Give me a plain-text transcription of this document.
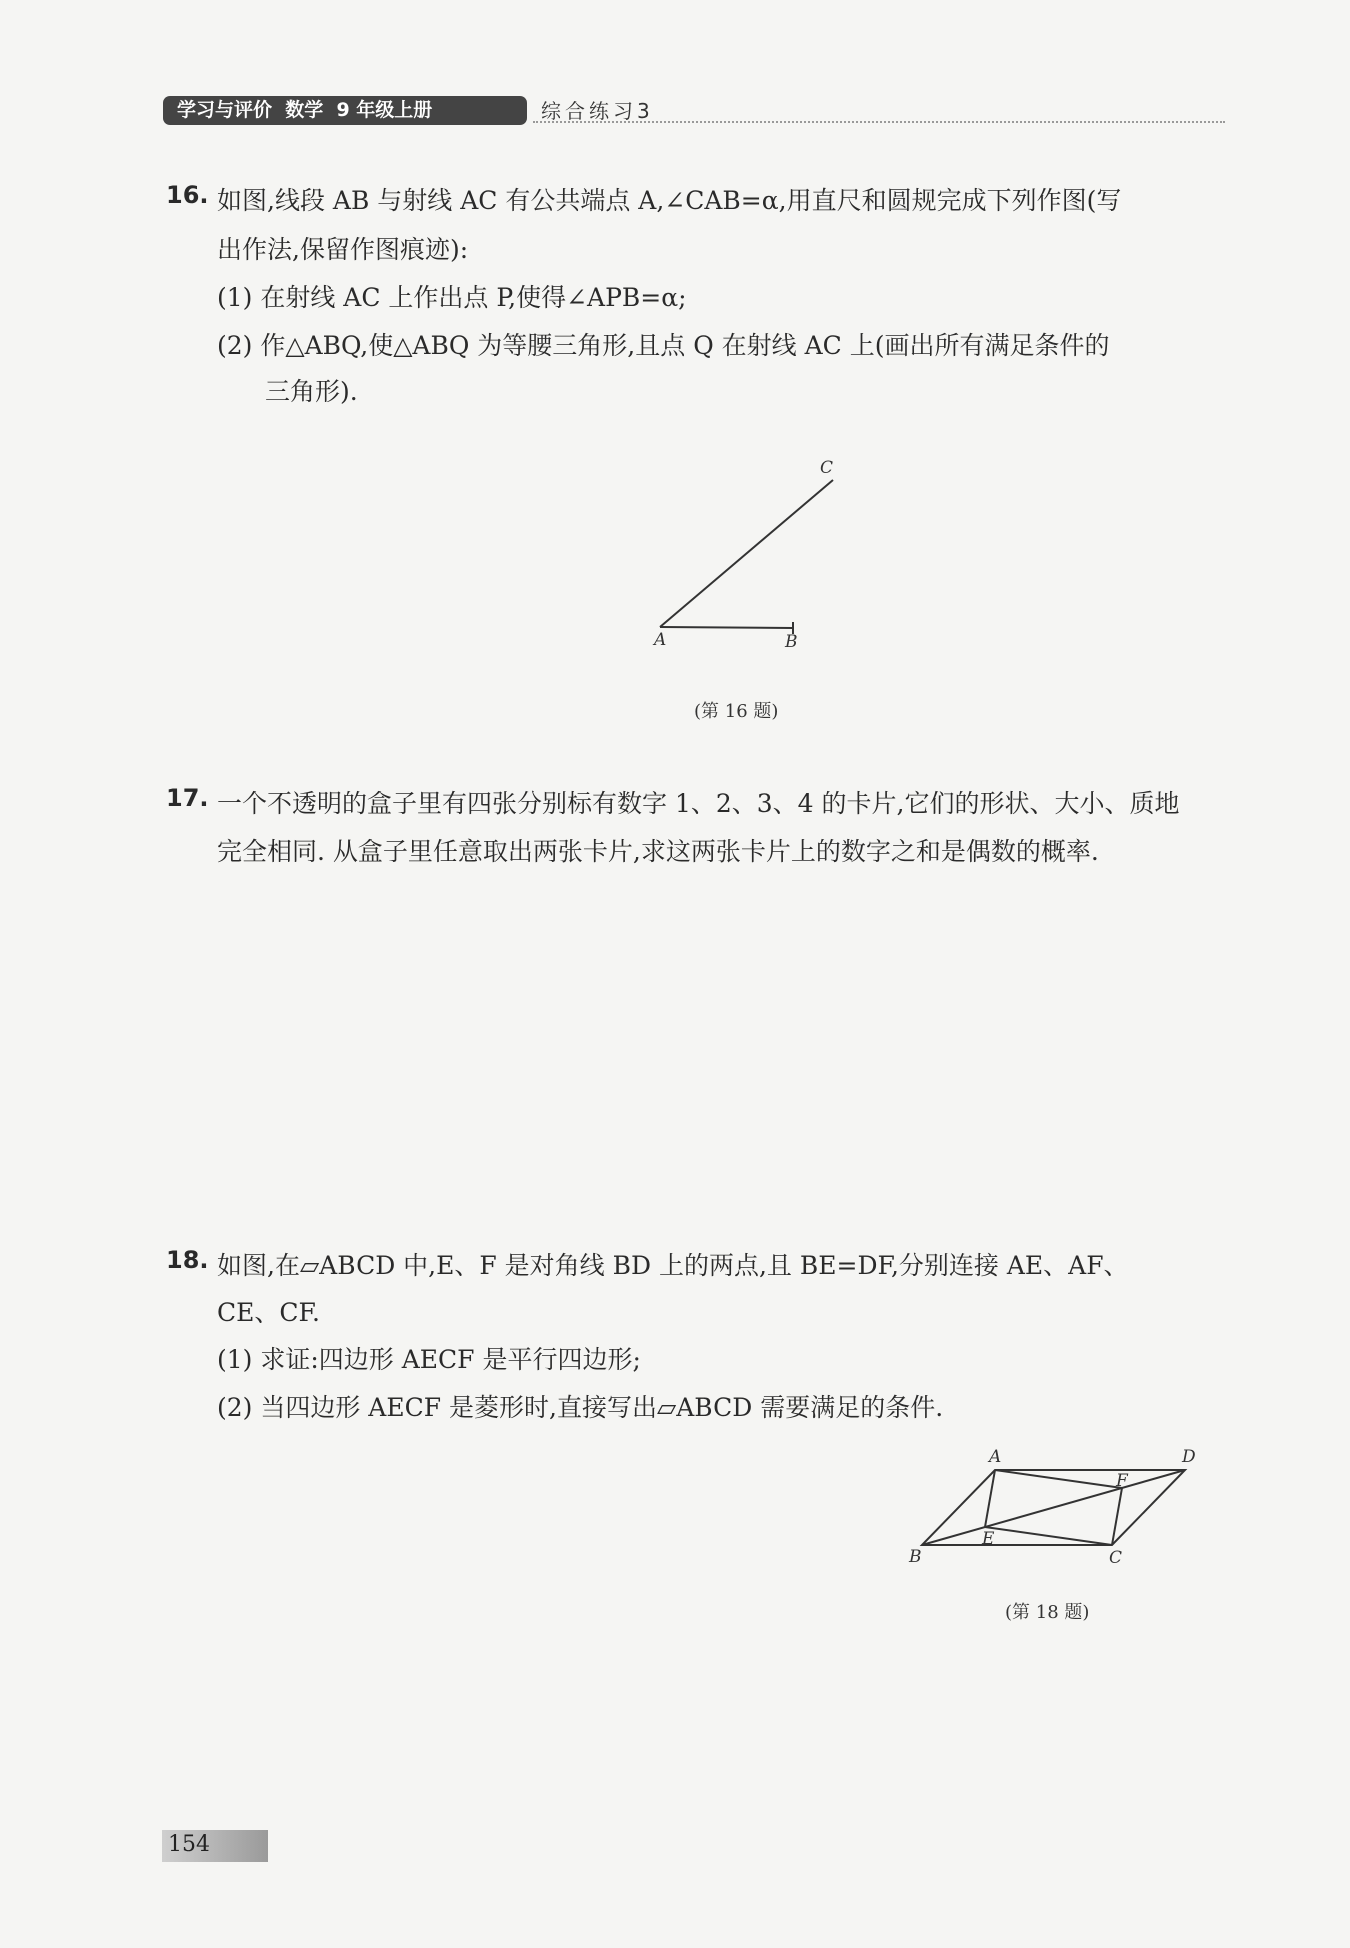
学习与评价  数学  9 年级上册	综合练习3
16. 如图,线段 AB 与射线 AC 有公共端点 A,∠CAB=α,用直尺和圆规完成下列作图(写
出作法,保留作图痕迹):
(1) 在射线 AC 上作出点 P,使得∠APB=α;
(2) 作△ABQ,使△ABQ 为等腰三角形,且点 Q 在射线 AC 上(画出所有满足条件的
三角形).
A	B
C
(第 16 题)
17. 一个不透明的盒子里有四张分别标有数字 1、2、3、4 的卡片,它们的形状、大小、质地
完全相同. 从盒子里任意取出两张卡片,求这两张卡片上的数字之和是偶数的概率.
18. 如图,在▱ABCD 中,E、F 是对角线 BD 上的两点,且 BE=DF,分别连接 AE、AF、
CE、CF.
(1) 求证:四边形 AECF 是平行四边形;
(2) 当四边形 AECF 是菱形时,直接写出▱ABCD 需要满足的条件.
A	D
B	C
E
F
(第 18 题)
154
